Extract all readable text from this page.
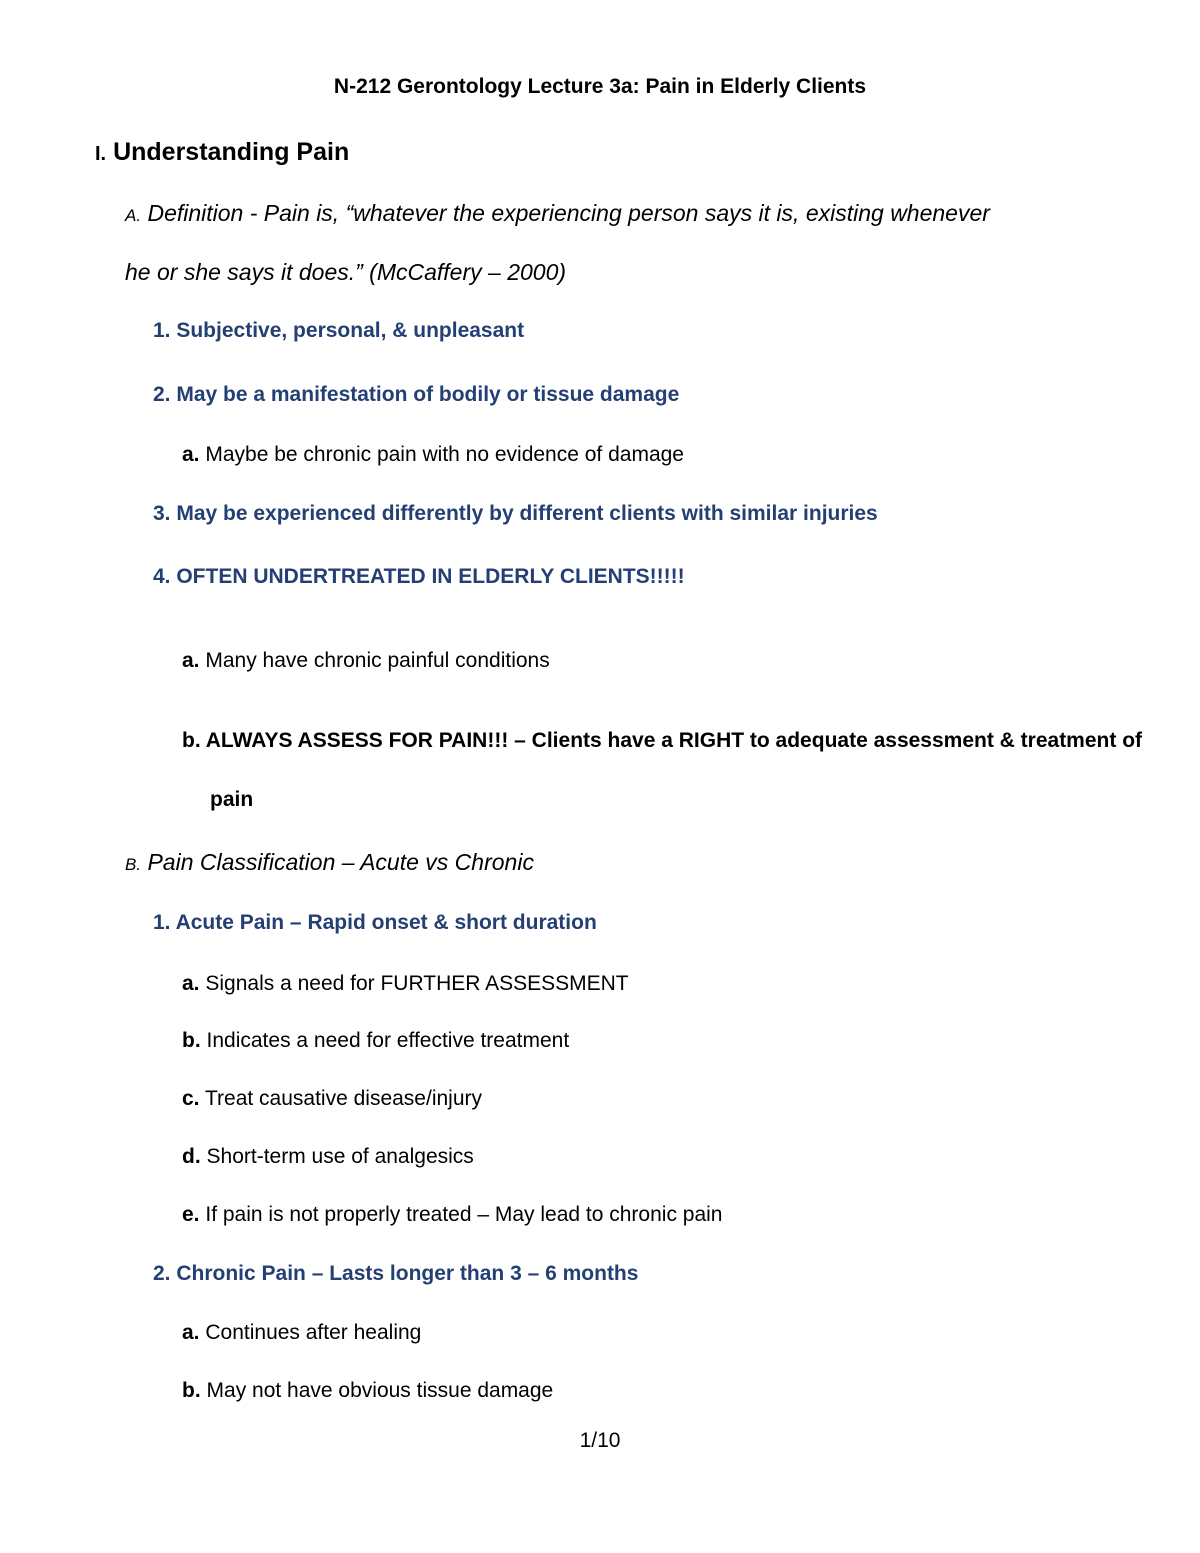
N-212 Gerontology Lecture 3a: Pain in Elderly Clients
I. Understanding Pain
A. Definition - Pain is, “whatever the experiencing person says it is, existing whenever
he or she says it does.” (McCaffery – 2000)
1. Subjective, personal, & unpleasant
2. May be a manifestation of bodily or tissue damage
a. Maybe be chronic pain with no evidence of damage
3. May be experienced differently by different clients with similar injuries
4. OFTEN UNDERTREATED IN ELDERLY CLIENTS!!!!!
a. Many have chronic painful conditions
b. ALWAYS ASSESS FOR PAIN!!! – Clients have a RIGHT to adequate assessment & treatment of
pain
B. Pain Classification – Acute vs Chronic
1. Acute Pain – Rapid onset & short duration
a. Signals a need for FURTHER ASSESSMENT
b. Indicates a need for effective treatment
c. Treat causative disease/injury
d. Short-term use of analgesics
e. If pain is not properly treated – May lead to chronic pain
2. Chronic Pain – Lasts longer than 3 – 6 months
a. Continues after healing
b. May not have obvious tissue damage
1/10
